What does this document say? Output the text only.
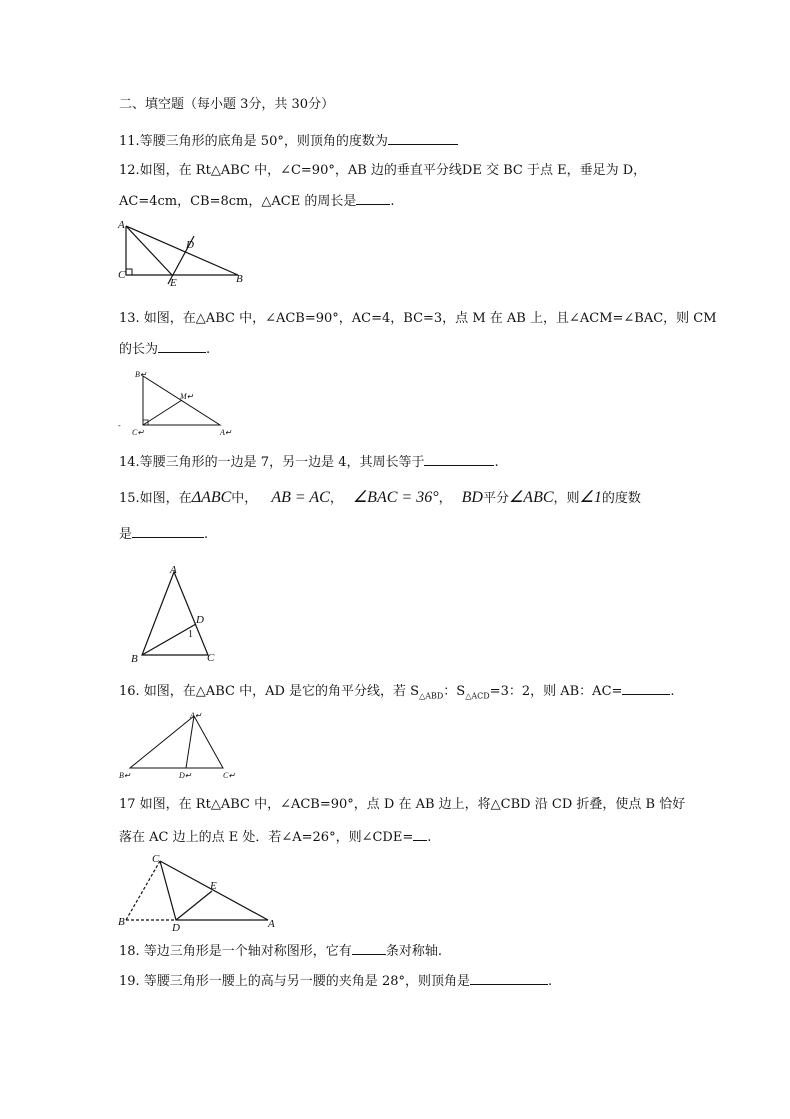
二、填空题（每小题 3分，共 30分）
11.等腰三角形的底角是 50°，则顶角的度数为
12.如图，在 Rt△ABC 中，∠C=90°，AB 边的垂直平分线DE 交 BC 于点 E，垂足为 D，
AC=4cm，CB=8cm，△ACE 的周长是	.
A
C
E
D
B
13. 如图，在△ABC 中，∠ACB=90°，AC=4，BC=3，点 M 在 AB 上，且∠ACM=∠BAC，则 CM
的长为	.
B↵
M↵
C↵	A↵
-
14.等腰三角形的一边是 7，另一边是 4，其周长等于	.
15.如图，在ΔABC中， AB = AC， ∠BAC = 36°， BD平分∠ABC，则∠1的度数
是	.
A
D
1
B	C
16. 如图，在△ABC 中，AD 是它的角平分线，若 $S_{\triangle ABD}$：$S_{\triangle ACD}=3$：2，则 AB：AC=	.
A↵
B↵	D↵	C↵
17 如图，在 Rt△ABC 中，∠ACB=90°，点 D 在 AB 边上，将△CBD 沿 CD 折叠，使点 B 恰好
落在 AC 边上的点 E 处．若∠A=26°，则∠CDE= .
C
E
B	D	A
18. 等边三角形是一个轴对称图形，它有	条对称轴.
19. 等腰三角形一腰上的高与另一腰的夹角是 28°，则顶角是	.
